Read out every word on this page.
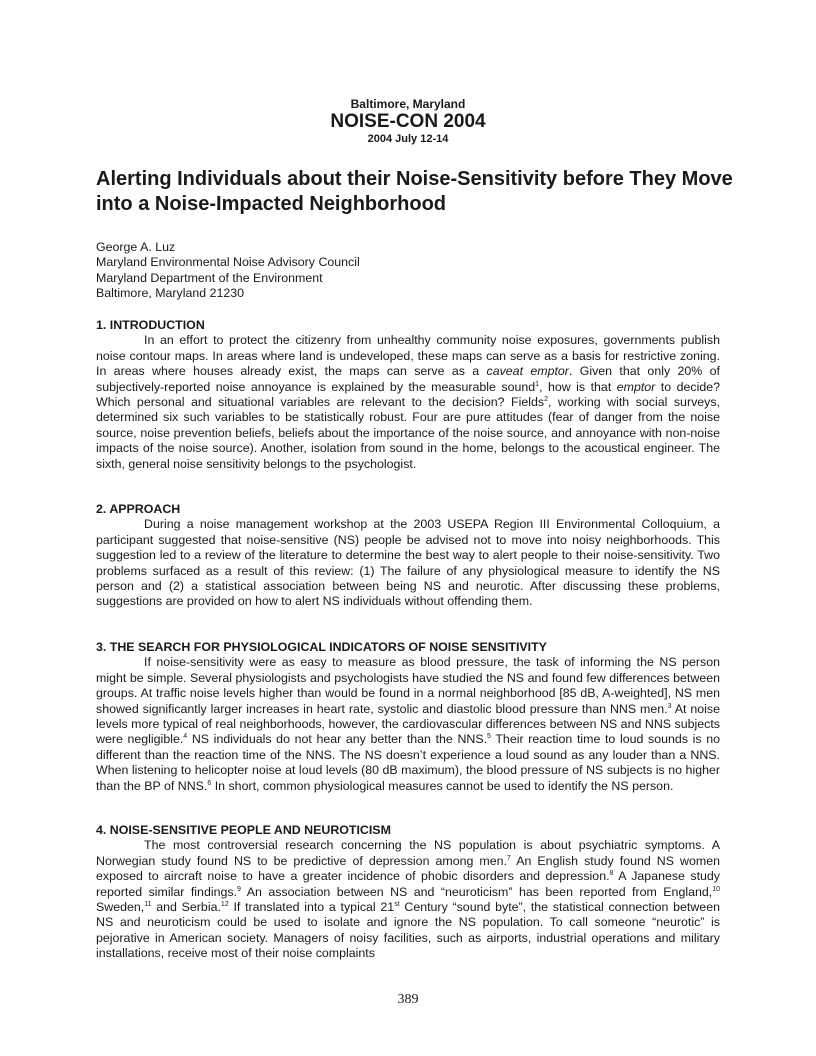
Baltimore, Maryland
NOISE-CON 2004
2004 July 12-14
Alerting Individuals about their Noise-Sensitivity before They Move into a Noise-Impacted Neighborhood
George A. Luz
Maryland Environmental Noise Advisory Council
Maryland Department of the Environment
Baltimore, Maryland 21230
1. INTRODUCTION

In an effort to protect the citizenry from unhealthy community noise exposures, governments publish noise contour maps. In areas where land is undeveloped, these maps can serve as a basis for restrictive zoning. In areas where houses already exist, the maps can serve as a caveat emptor. Given that only 20% of subjectively-reported noise annoyance is explained by the measurable sound$^1$, how is that emptor to decide? Which personal and situational variables are relevant to the decision? Fields$^2$, working with social surveys, determined six such variables to be statistically robust. Four are pure attitudes (fear of danger from the noise source, noise prevention beliefs, beliefs about the importance of the noise source, and annoyance with non-noise impacts of the noise source). Another, isolation from sound in the home, belongs to the acoustical engineer. The sixth, general noise sensitivity belongs to the psychologist.

2. APPROACH

During a noise management workshop at the 2003 USEPA Region III Environmental Colloquium, a participant suggested that noise-sensitive (NS) people be advised not to move into noisy neighborhoods. This suggestion led to a review of the literature to determine the best way to alert people to their noise-sensitivity. Two problems surfaced as a result of this review: (1) The failure of any physiological measure to identify the NS person and (2) a statistical association between being NS and neurotic. After discussing these problems, suggestions are provided on how to alert NS individuals without offending them.

3. THE SEARCH FOR PHYSIOLOGICAL INDICATORS OF NOISE SENSITIVITY

If noise-sensitivity were as easy to measure as blood pressure, the task of informing the NS person might be simple. Several physiologists and psychologists have studied the NS and found few differences between groups. At traffic noise levels higher than would be found in a normal neighborhood [85 dB, A-weighted], NS men showed significantly larger increases in heart rate, systolic and diastolic blood pressure than NNS men.$^3$ At noise levels more typical of real neighborhoods, however, the cardiovascular differences between NS and NNS subjects were negligible.$^4$ NS individuals do not hear any better than the NNS.$^5$ Their reaction time to loud sounds is no different than the reaction time of the NNS. The NS doesn’t experience a loud sound as any louder than a NNS. When listening to helicopter noise at loud levels (80 dB maximum), the blood pressure of NS subjects is no higher than the BP of NNS.$^6$ In short, common physiological measures cannot be used to identify the NS person.

4. NOISE-SENSITIVE PEOPLE AND NEUROTICISM

The most controversial research concerning the NS population is about psychiatric symptoms. A Norwegian study found NS to be predictive of depression among men.$^7$ An English study found NS women exposed to aircraft noise to have a greater incidence of phobic disorders and depression.$^8$ A Japanese study reported similar findings.$^9$ An association between NS and “neuroticism” has been reported from England,$^{10}$ Sweden,$^{11}$ and Serbia.$^{12}$ If translated into a typical 21st Century “sound byte”, the statistical connection between NS and neuroticism could be used to isolate and ignore the NS population. To call someone “neurotic” is pejorative in American society. Managers of noisy facilities, such as airports, industrial operations and military installations, receive most of their noise complaints

389
